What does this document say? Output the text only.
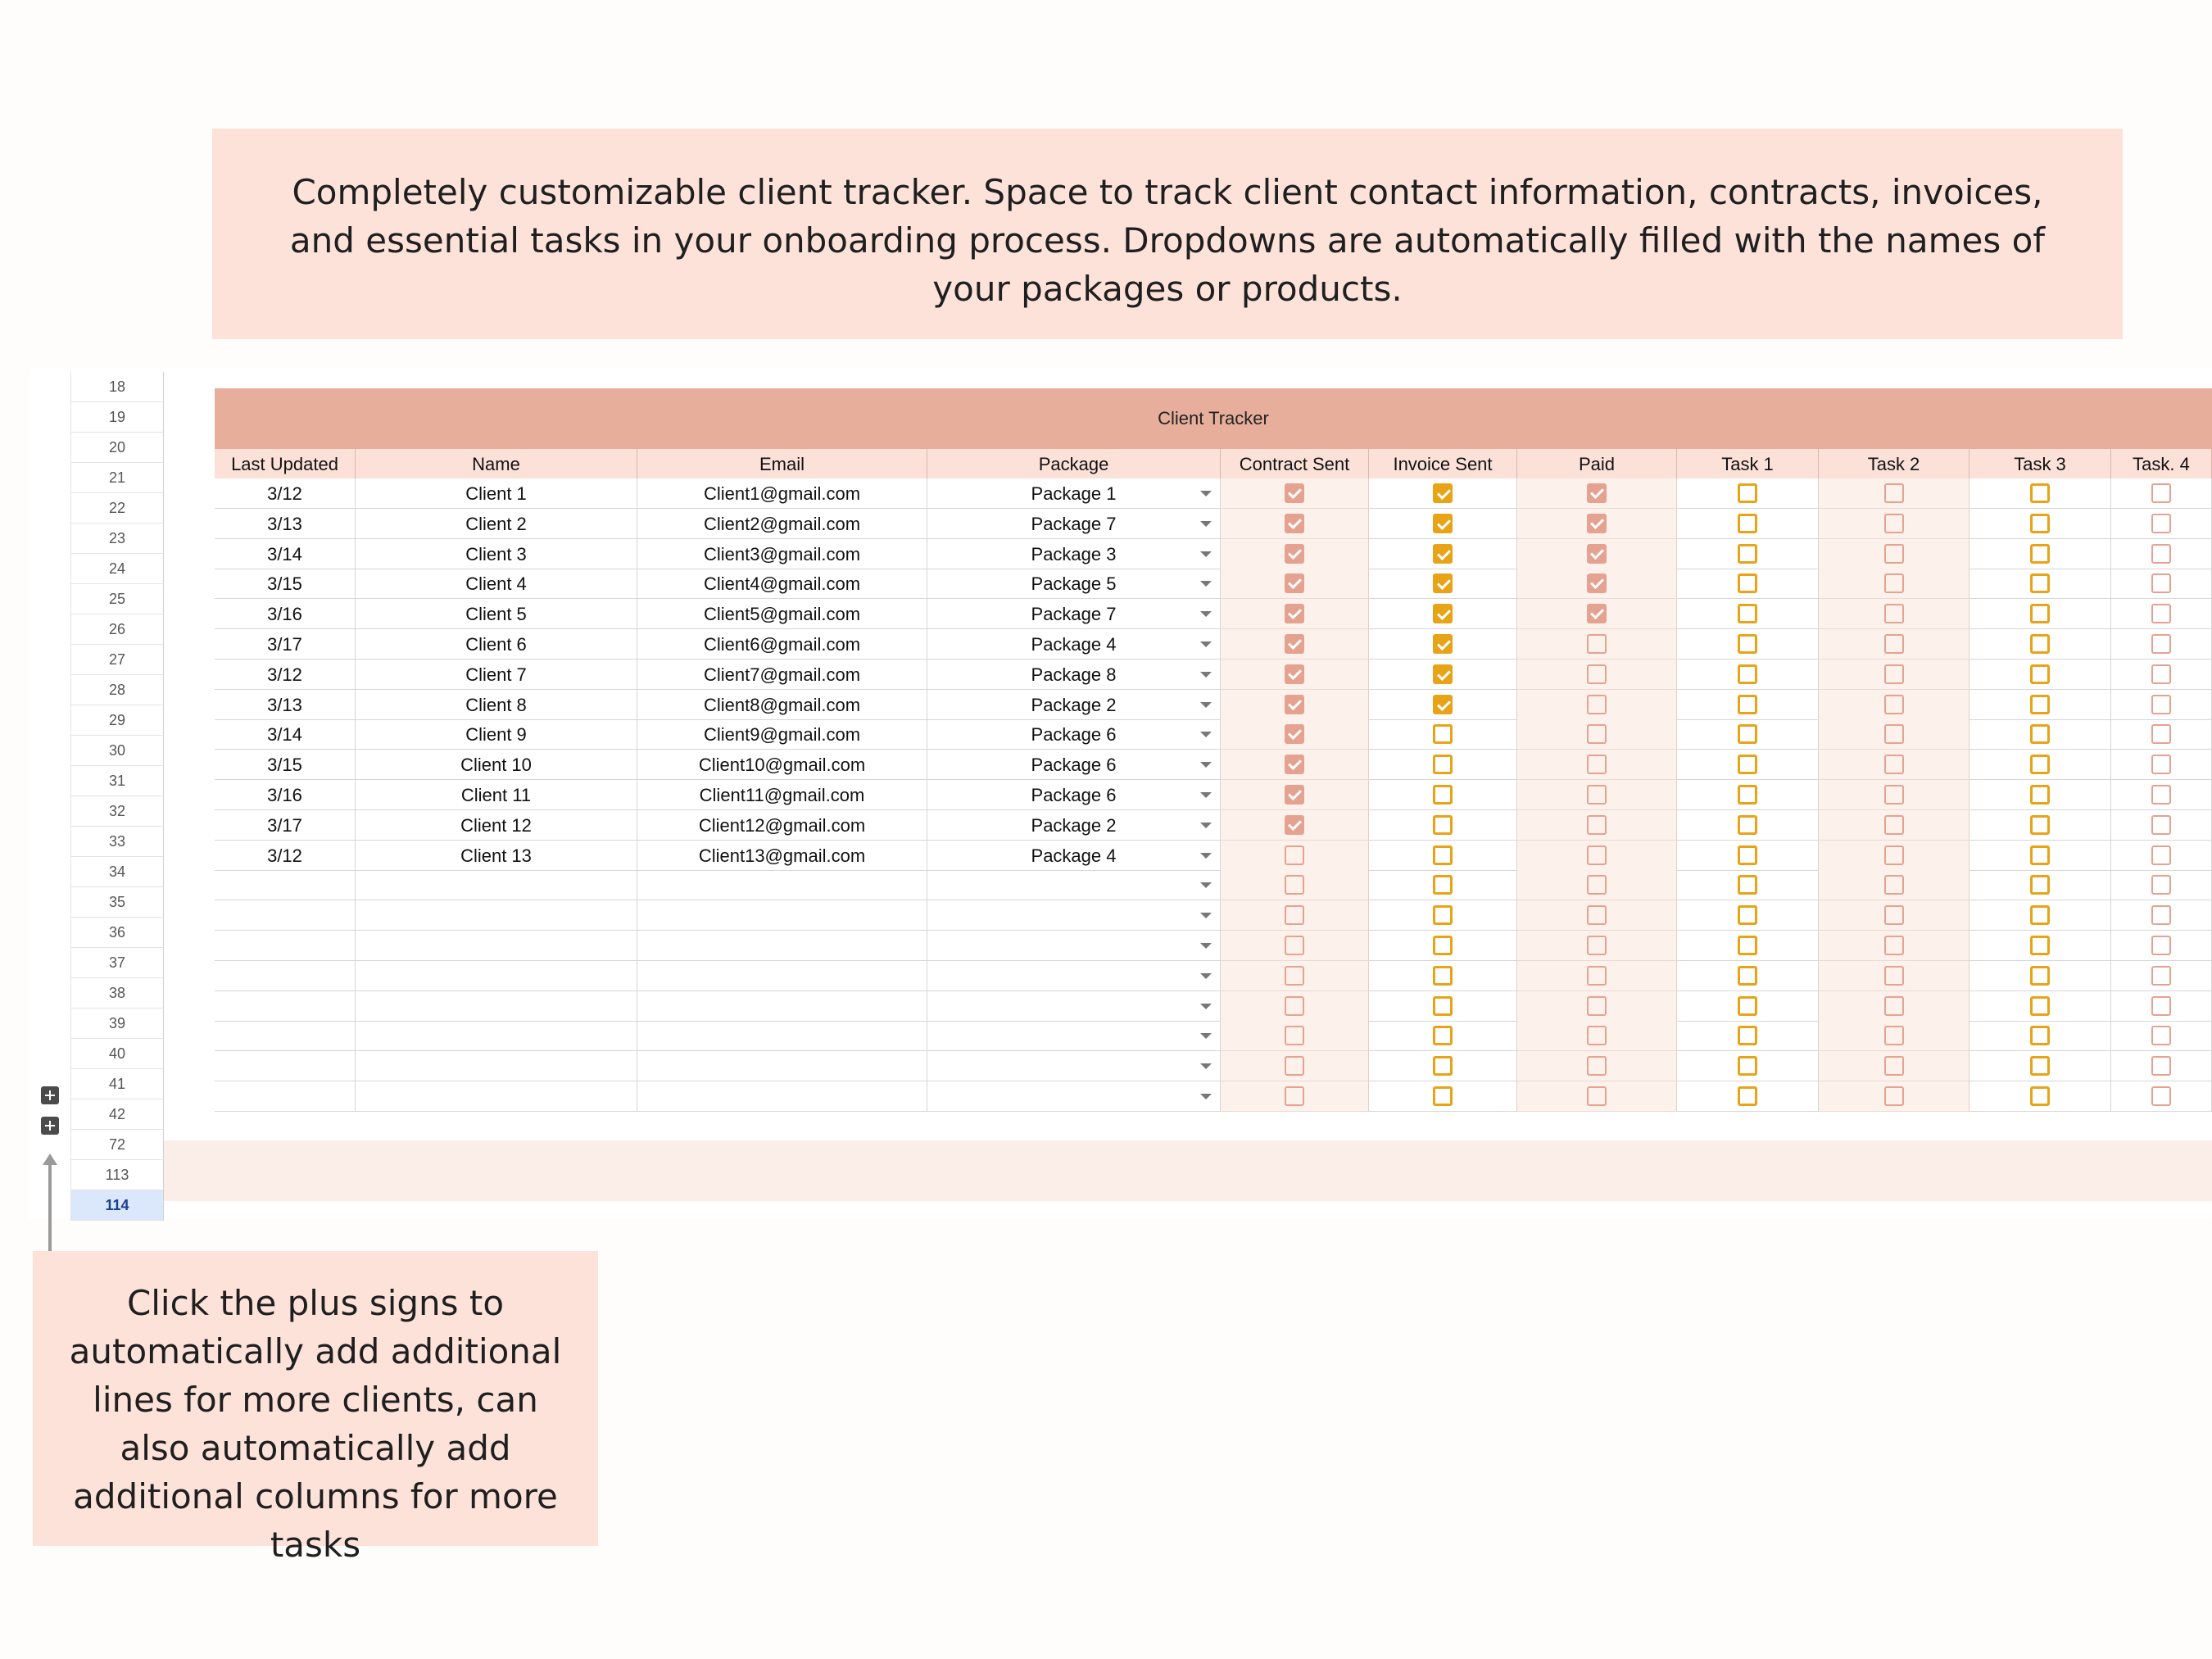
Completely customizable client tracker. Space to track client contact information, contracts, invoices, and essential tasks in your onboarding process. Dropdowns are automatically filled with the names of your packages or products.
18
19
20
21
22
23
24
25
26
27
28
29
30
31
32
33
34
35
36
37
38
39
40
41
42
72
113
114
Client Tracker
Last Updated	Name	Email	Package	Contract Sent	Invoice Sent	Paid	Task 1	Task 2	Task 3	Task. 4
3/12	Client 1	Client1@gmail.com	Package 1
3/13	Client 2	Client2@gmail.com	Package 7
3/14	Client 3	Client3@gmail.com	Package 3
3/15	Client 4	Client4@gmail.com	Package 5
3/16	Client 5	Client5@gmail.com	Package 7
3/17	Client 6	Client6@gmail.com	Package 4
3/12	Client 7	Client7@gmail.com	Package 8
3/13	Client 8	Client8@gmail.com	Package 2
3/14	Client 9	Client9@gmail.com	Package 6
3/15	Client 10	Client10@gmail.com	Package 6
3/16	Client 11	Client11@gmail.com	Package 6
3/17	Client 12	Client12@gmail.com	Package 2
3/12	Client 13	Client13@gmail.com	Package 4
Click the plus signs to automatically add additional lines for more clients, can also automatically add additional columns for more tasks
